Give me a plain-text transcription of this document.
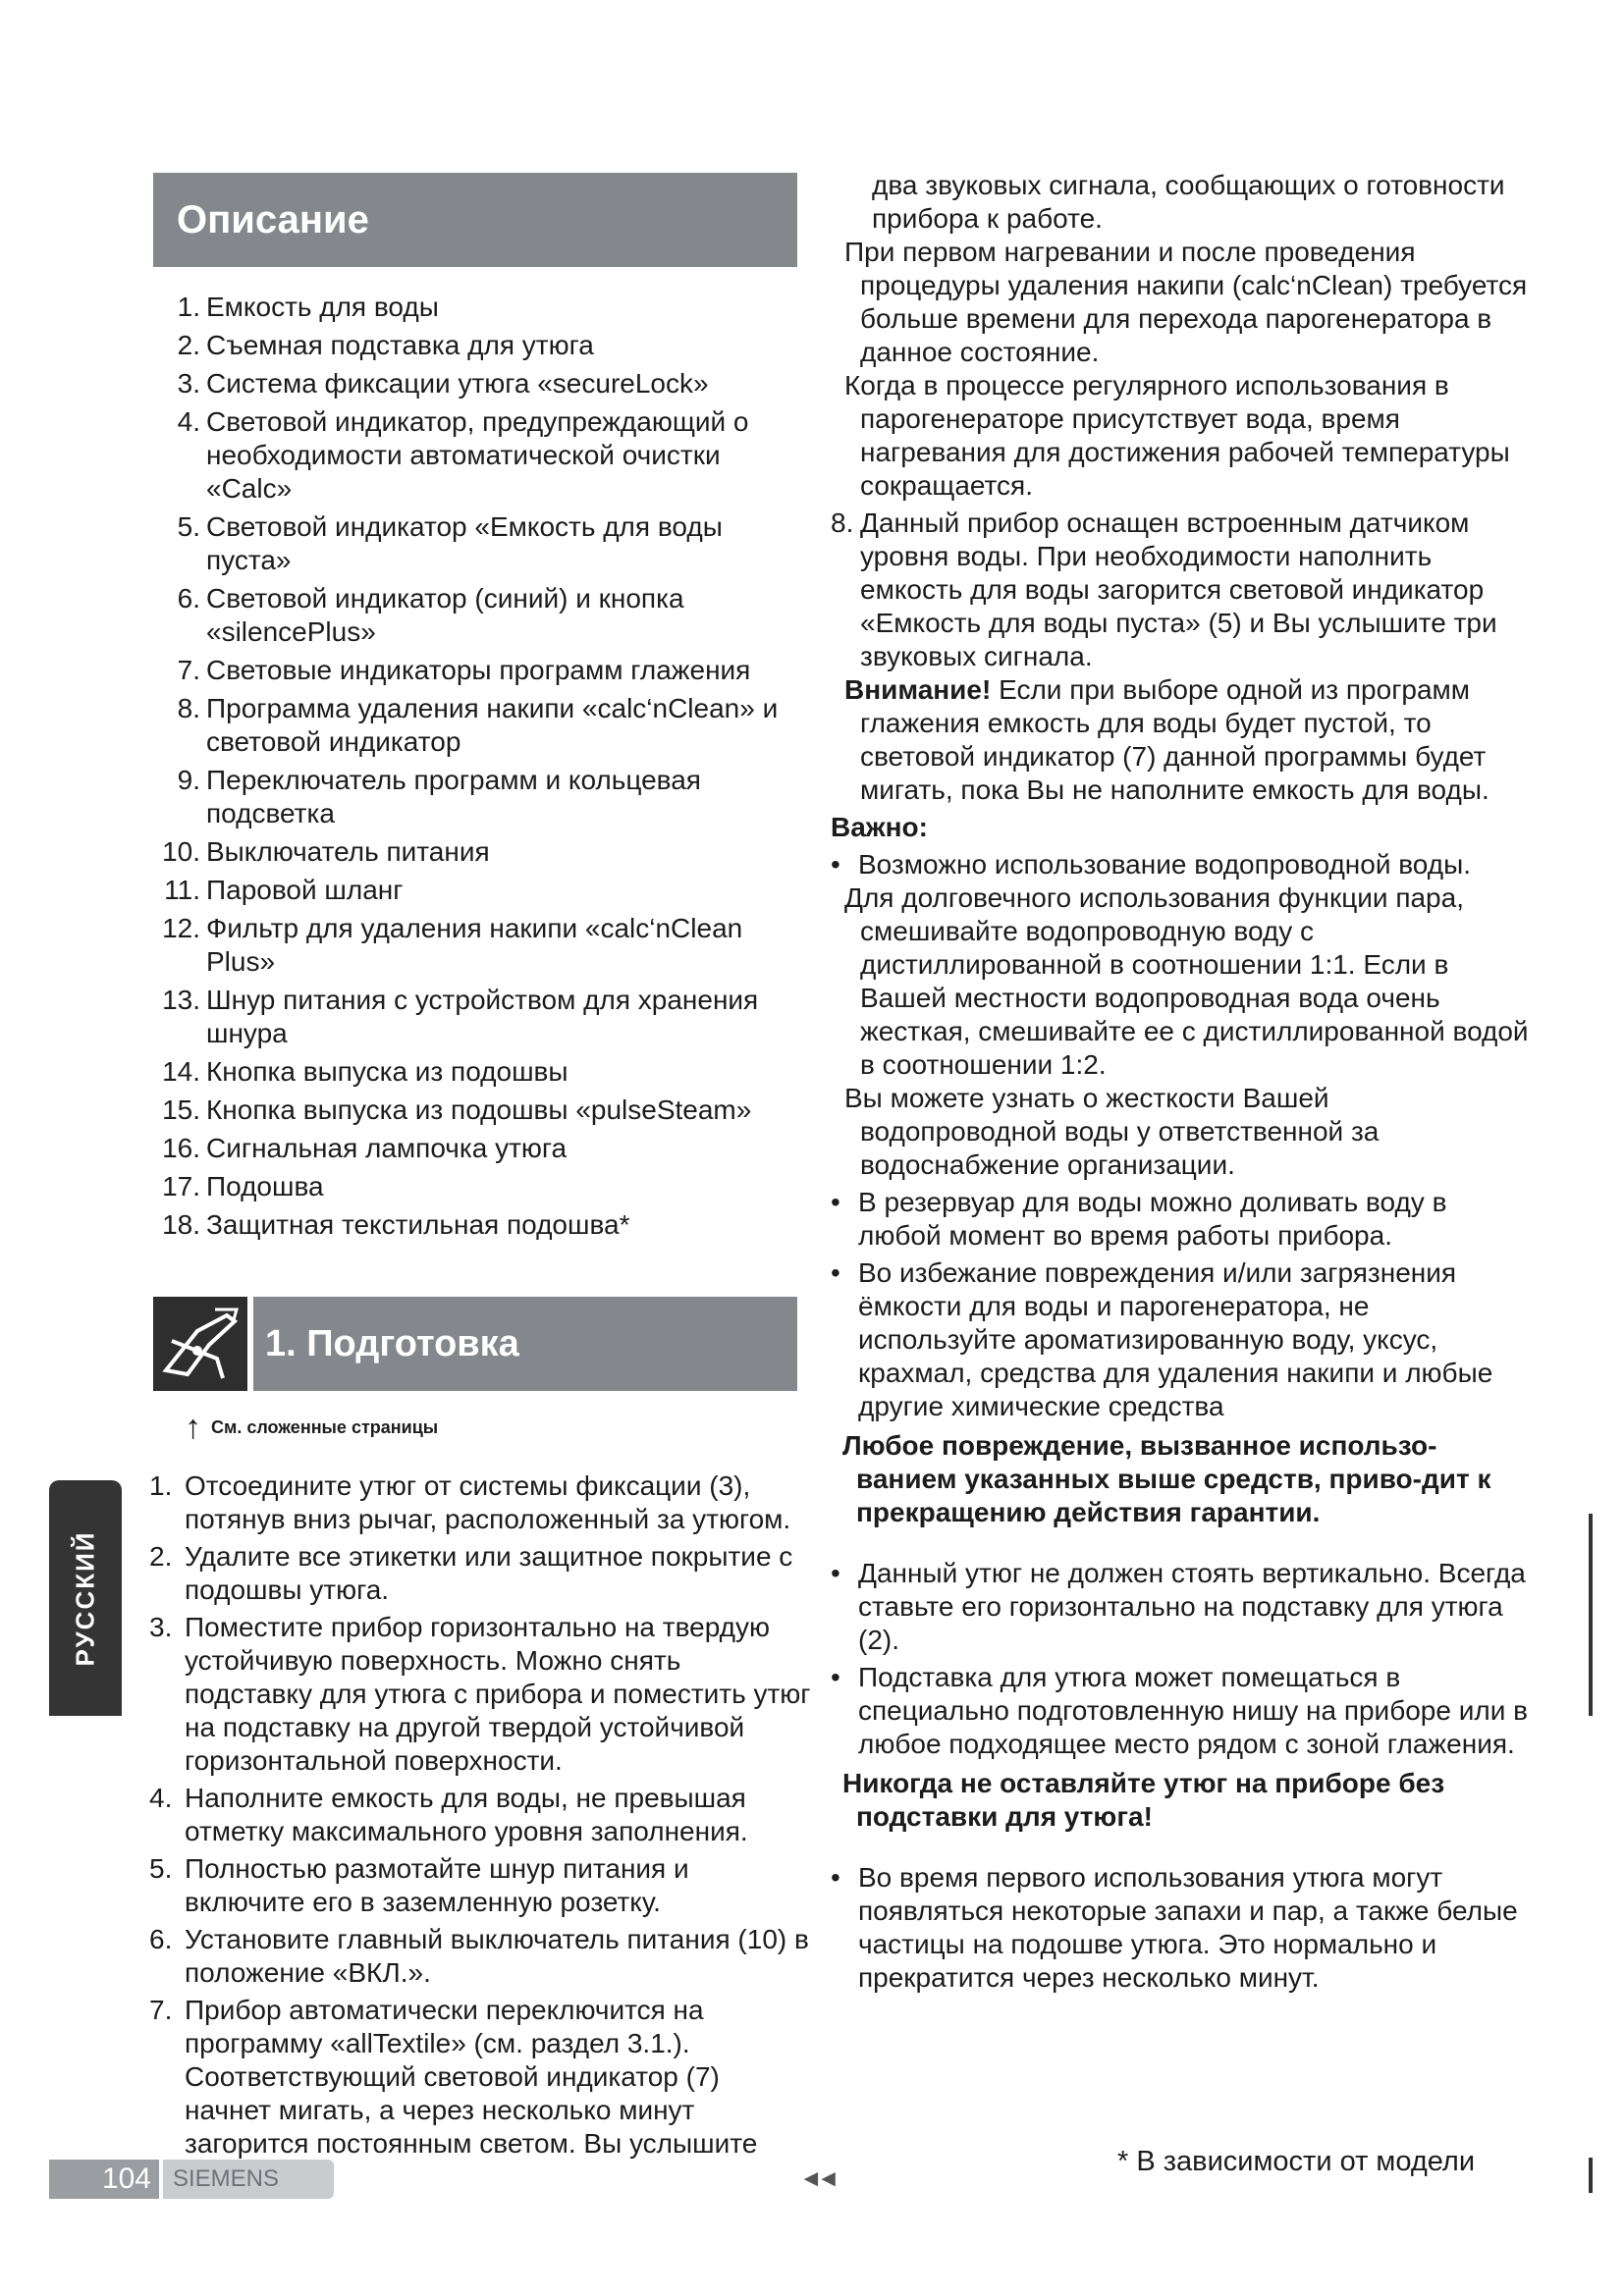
Описание
1. Емкость для воды
2. Съемная подставка для утюга
3. Система фиксации утюга «secureLock»
4. Световой индикатор, предупреждающий о необходимости автоматической очистки «Calc»
5. Световой индикатор «Емкость для воды пуста»
6. Световой индикатор (синий) и кнопка «silencePlus»
7. Световые индикаторы программ глажения
8. Программа удаления накипи «calc‘nClean» и световой индикатор
9. Переключатель программ и кольцевая подсветка
10. Выключатель питания
11. Паровой шланг
12. Фильтр для удаления накипи «calc‘nClean Plus»
13. Шнур питания с устройством для хранения шнура
14. Кнопка выпуска из подошвы
15. Кнопка выпуска из подошвы «pulseSteam»
16. Сигнальная лампочка утюга
17. Подошва
18. Защитная текстильная подошва*
1. Подготовка
↑ См. сложенные страницы
1. Отсоедините утюг от системы фиксации (3), потянув вниз рычаг, расположенный за утюгом.
2. Удалите все этикетки или защитное покрытие с подошвы утюга.
3. Поместите прибор горизонтально на твердую устойчивую поверхность. Можно снять подставку для утюга с прибора и поместить утюг на подставку на другой твердой устойчивой горизонтальной поверхности.
4. Наполните емкость для воды, не превышая отметку максимального уровня заполнения.
5. Полностью размотайте шнур питания и включите его в заземленную розетку.
6. Установите главный выключатель питания (10) в положение «ВКЛ.».
7. Прибор автоматически переключится на программу «allTextile» (см. раздел 3.1.). Соответствующий световой индикатор (7) начнет мигать, а через несколько минут загорится постоянным светом. Вы услышите

два звуковых сигнала, сообщающих о готовности прибора к работе.

При первом нагревании и после проведения процедуры удаления накипи (calc‘nClean) требуется больше времени для перехода парогенератора в данное состояние.

Когда в процессе регулярного использования в парогенераторе присутствует вода, время нагревания для достижения рабочей температуры сокращается.

8. Данный прибор оснащен встроенным датчиком уровня воды. При необходимости наполнить емкость для воды загорится световой индикатор «Емкость для воды пуста» (5) и Вы услышите три звуковых сигнала.

Внимание! Если при выборе одной из программ глажения емкость для воды будет пустой, то световой индикатор (7) данной программы будет мигать, пока Вы не наполните емкость для воды.

Важно:
• Возможно использование водопроводной воды.

Для долговечного использования функции пара, смешивайте водопроводную воду с дистиллированной в соотношении 1:1. Если в Вашей местности водопроводная вода очень жесткая, смешивайте ее с дистиллированной водой в соотношении 1:2.

Вы можете узнать о жесткости Вашей водопроводной воды у ответственной за водоснабжение организации.

• В резервуар для воды можно доливать воду в любой момент во время работы прибора.
• Во избежание повреждения и/или загрязнения ёмкости для воды и парогенератора, не используйте ароматизированную воду, уксус, крахмал, средства для удаления накипи и любые другие химические средства

Любое повреждение, вызванное использо-ванием указанных выше средств, приво-дит к прекращению действия гарантии.

• Данный утюг не должен стоять вертикально. Всегда ставьте его горизонтально на подставку для утюга (2).
• Подставка для утюга может помещаться в специально подготовленную нишу на приборе или в любое подходящее место рядом с зоной глажения.

Никогда не оставляйте утюг на приборе без подставки для утюга!

• Во время первого использования утюга могут появляться некоторые запахи и пар, а также белые частицы на подошве утюга. Это нормально и прекратится через несколько минут.
РУССКИЙ
104 SIEMENS	◄◄
* В зависимости от модели
